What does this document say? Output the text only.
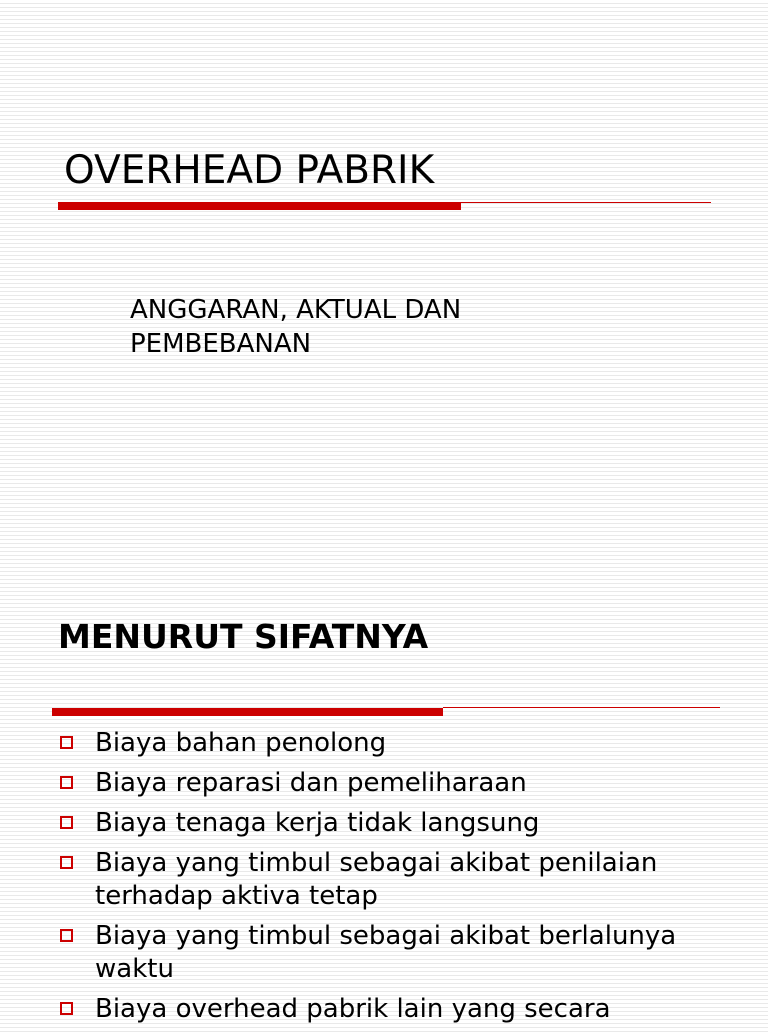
OVERHEAD PABRIK

ANGGARAN, AKTUAL DAN PEMBEBANAN

MENURUT SIFATNYA
Biaya bahan penolong
Biaya reparasi dan pemeliharaan
Biaya tenaga kerja tidak langsung
Biaya yang timbul sebagai akibat penilaian terhadap aktiva tetap
Biaya yang timbul sebagai akibat berlalunya waktu
Biaya overhead pabrik lain yang secara
